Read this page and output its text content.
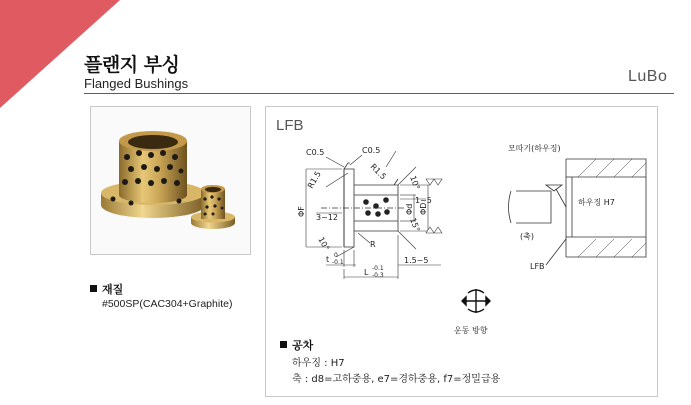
플랜지 부싱
Flanged Bushings	LuBo
재질
#500SP(CAC304+Graphite)
LFB
C0.5	C0.5
R1.5
R1.5	10°
15°
10°
1~5
3~12
ΦF	Φd ΦD
R
t 0
-0.1
L -0.1
-0.3
1.5~5
모따기(하우징)
하우징 H7
(축)
LFB
운동 방향
공차
하우징 : H7
축 : d8=고하중용, e7=경하중용, f7=정밀급용
